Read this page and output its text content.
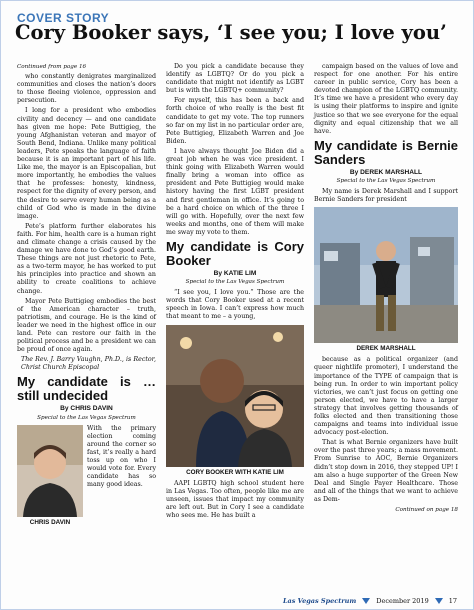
COVER STORY
Cory Booker says, ‘I see you; I love you’
Continued from page 16

who constantly denigrates marginalized communities and closes the nation’s doors to those fleeing violence, oppression and persecution.

I long for a president who embodies civility and decency — and one candidate has given me hope: Pete Buttigieg, the young Afghanistan veteran and mayor of South Bend, Indiana. Unlike many political leaders, Pete speaks the language of faith because it is an important part of his life. Like me, the mayor is an Episcopalian, but more importantly, he embodies the values that he professes: honesty, kindness, respect for the dignity of every person, and the desire to serve every human being as a child of God who is made in the divine image.

Pete’s platform further elaborates his faith. For him, health care is a human right and climate change a crisis caused by the damage we have done to God’s good earth. These things are not just rhetoric to Pete, as a two-term mayor, he has worked to put his principles into practice and shown an ability to create coalitions to achieve change.

Mayor Pete Buttigieg embodies the best of the American character – truth, patriotism, and courage. He is the kind of leader we need in the highest office in our land. Pete can restore our faith in the political process and be a president we can be proud of once again.

The Rev. J. Barry Vaughn, Ph.D., is Rector, Christ Church Episcopal

My candidate is … still undecided
By CHRIS DAVIN
Special to the Las Vegas Spectrum
CHRIS DAVIN
With the primary election coming around the corner so fast, it’s really a hard toss up on who I would vote for. Every candidate has so many good ideas.

Do you pick a candidate because they identify as LGBTQ? Or do you pick a candidate that might not identify as LGBT but is with the LGBTQ+ community?

For myself, this has been a back and forth choice of who really is the best fit candidate to get my vote. The top runners so far on my list in no particular order are, Pete Buttigieg, Elizabeth Warren and Joe Biden.

I have always thought Joe Biden did a great job when he was vice president. I think going with Elizabeth Warren would finally bring a woman into office as president and Pete Buttigieg would make history having the first LGBT president and first gentleman in office. It’s going to be a hard choice on which of the three I will go with. Hopefully, over the next few weeks and months, one of them will make me sway my vote to them.

My candidate is Cory Booker
By KATIE LIM
Special to the Las Vegas Spectrum

“I see you, I love you.” Those are the words that Cory Booker used at a recent speech in Iowa. I can’t express how much that meant to me – a young,

CORY BOOKER WITH KATIE LIM

AAPI LGBTQ high school student here in Las Vegas. Too often, people like me are unseen, issues that impact my community are left out. But in Cory I see a candidate who sees me. He has built a

campaign based on the values of love and respect for one another. For his entire career in public service, Cory has been a devoted champion of the LGBTQ community. It’s time we have a president who every day is using their platforms to inspire and ignite justice so that we see everyone for the equal dignity and equal citizenship that we all have.

My candidate is Bernie Sanders
By DEREK MARSHALL
Special to the Las Vegas Spectrum

My name is Derek Marshall and I support Bernie Sanders for president

DEREK MARSHALL

because as a political organizer (and queer nightlife promoter), I understand the importance of the TYPE of campaign that is being run. In order to win important policy victories, we can’t just focus on getting one person elected, we have to have a larger strategy that involves getting thousands of folks elected and then transitioning those campaigns and teams into individual issue advocacy post-election.

That is what Bernie organizers have built over the past three years; a mass movement. From Sunrise to AOC, Bernie Organizers didn’t stop down in 2016, they stepped UP! I am also a huge supporter of the Green New Deal and Single Payer Healthcare. Those and all of the things that we want to achieve as Dem-

Continued on page 18
Las Vegas Spectrum	December 2019	17
